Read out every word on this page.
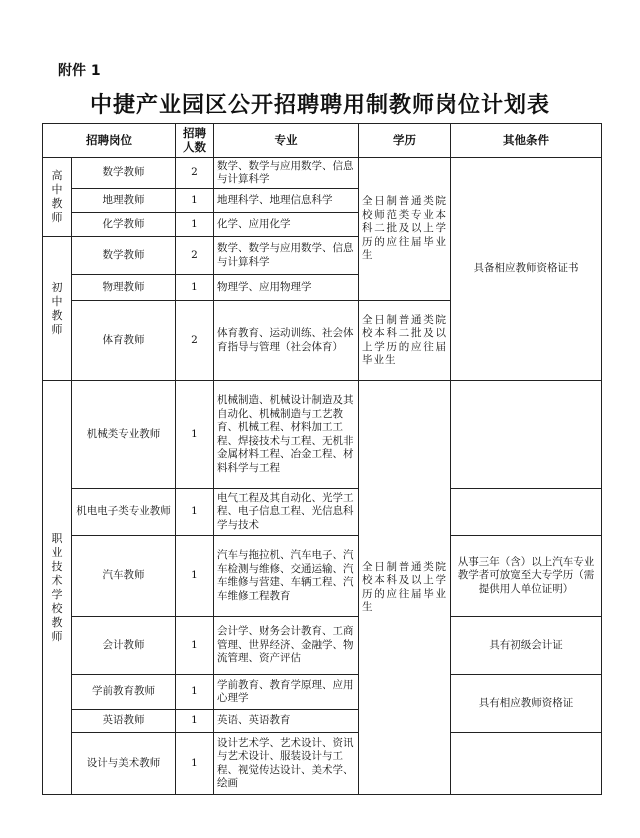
附件 1
中捷产业园区公开招聘聘用制教师岗位计划表
招聘岗位		招聘人数	专业	学历	其他条件
高中教师	数学教师	2	数学、数学与应用数学、信息与计算科学	全日制普通类院校师范类专业本科二批及以上学历的应往届毕业生	具备相应教师资格证书
	地理教师	1	地理科学、地理信息科学		
	化学教师	1	化学、应用化学		
初中教师	数学教师	2	数学、数学与应用数学、信息与计算科学		
	物理教师	1	物理学、应用物理学		
	体育教师	2	体育教育、运动训练、社会体育指导与管理（社会体育）	全日制普通类院校本科二批及以上学历的应往届毕业生	
职业技术学校教师	机械类专业教师	1	机械制造、机械设计制造及其自动化、机械制造与工艺教育、机械工程、材料加工工程、焊接技术与工程、无机非金属材料工程、冶金工程、材料科学与工程	全日制普通类院校本科及以上学历的应往届毕业生	
	机电电子类专业教师	1	电气工程及其自动化、光学工程、电子信息工程、光信息科学与技术		
	汽车教师	1	汽车与拖拉机、汽车电子、汽车检测与维修、交通运输、汽车维修与营建、车辆工程、汽车维修工程教育		从事三年（含）以上汽车专业教学者可放宽至大专学历（需提供用人单位证明）
	会计教师	1	会计学、财务会计教育、工商管理、世界经济、金融学、物流管理、资产评估		具有初级会计证
	学前教育教师	1	学前教育、教育学原理、应用心理学		具有相应教师资格证
	英语教师	1	英语、英语教育		
	设计与美术教师	1	设计艺术学、艺术设计、资讯与艺术设计、服装设计与工程、视觉传达设计、美术学、绘画		
